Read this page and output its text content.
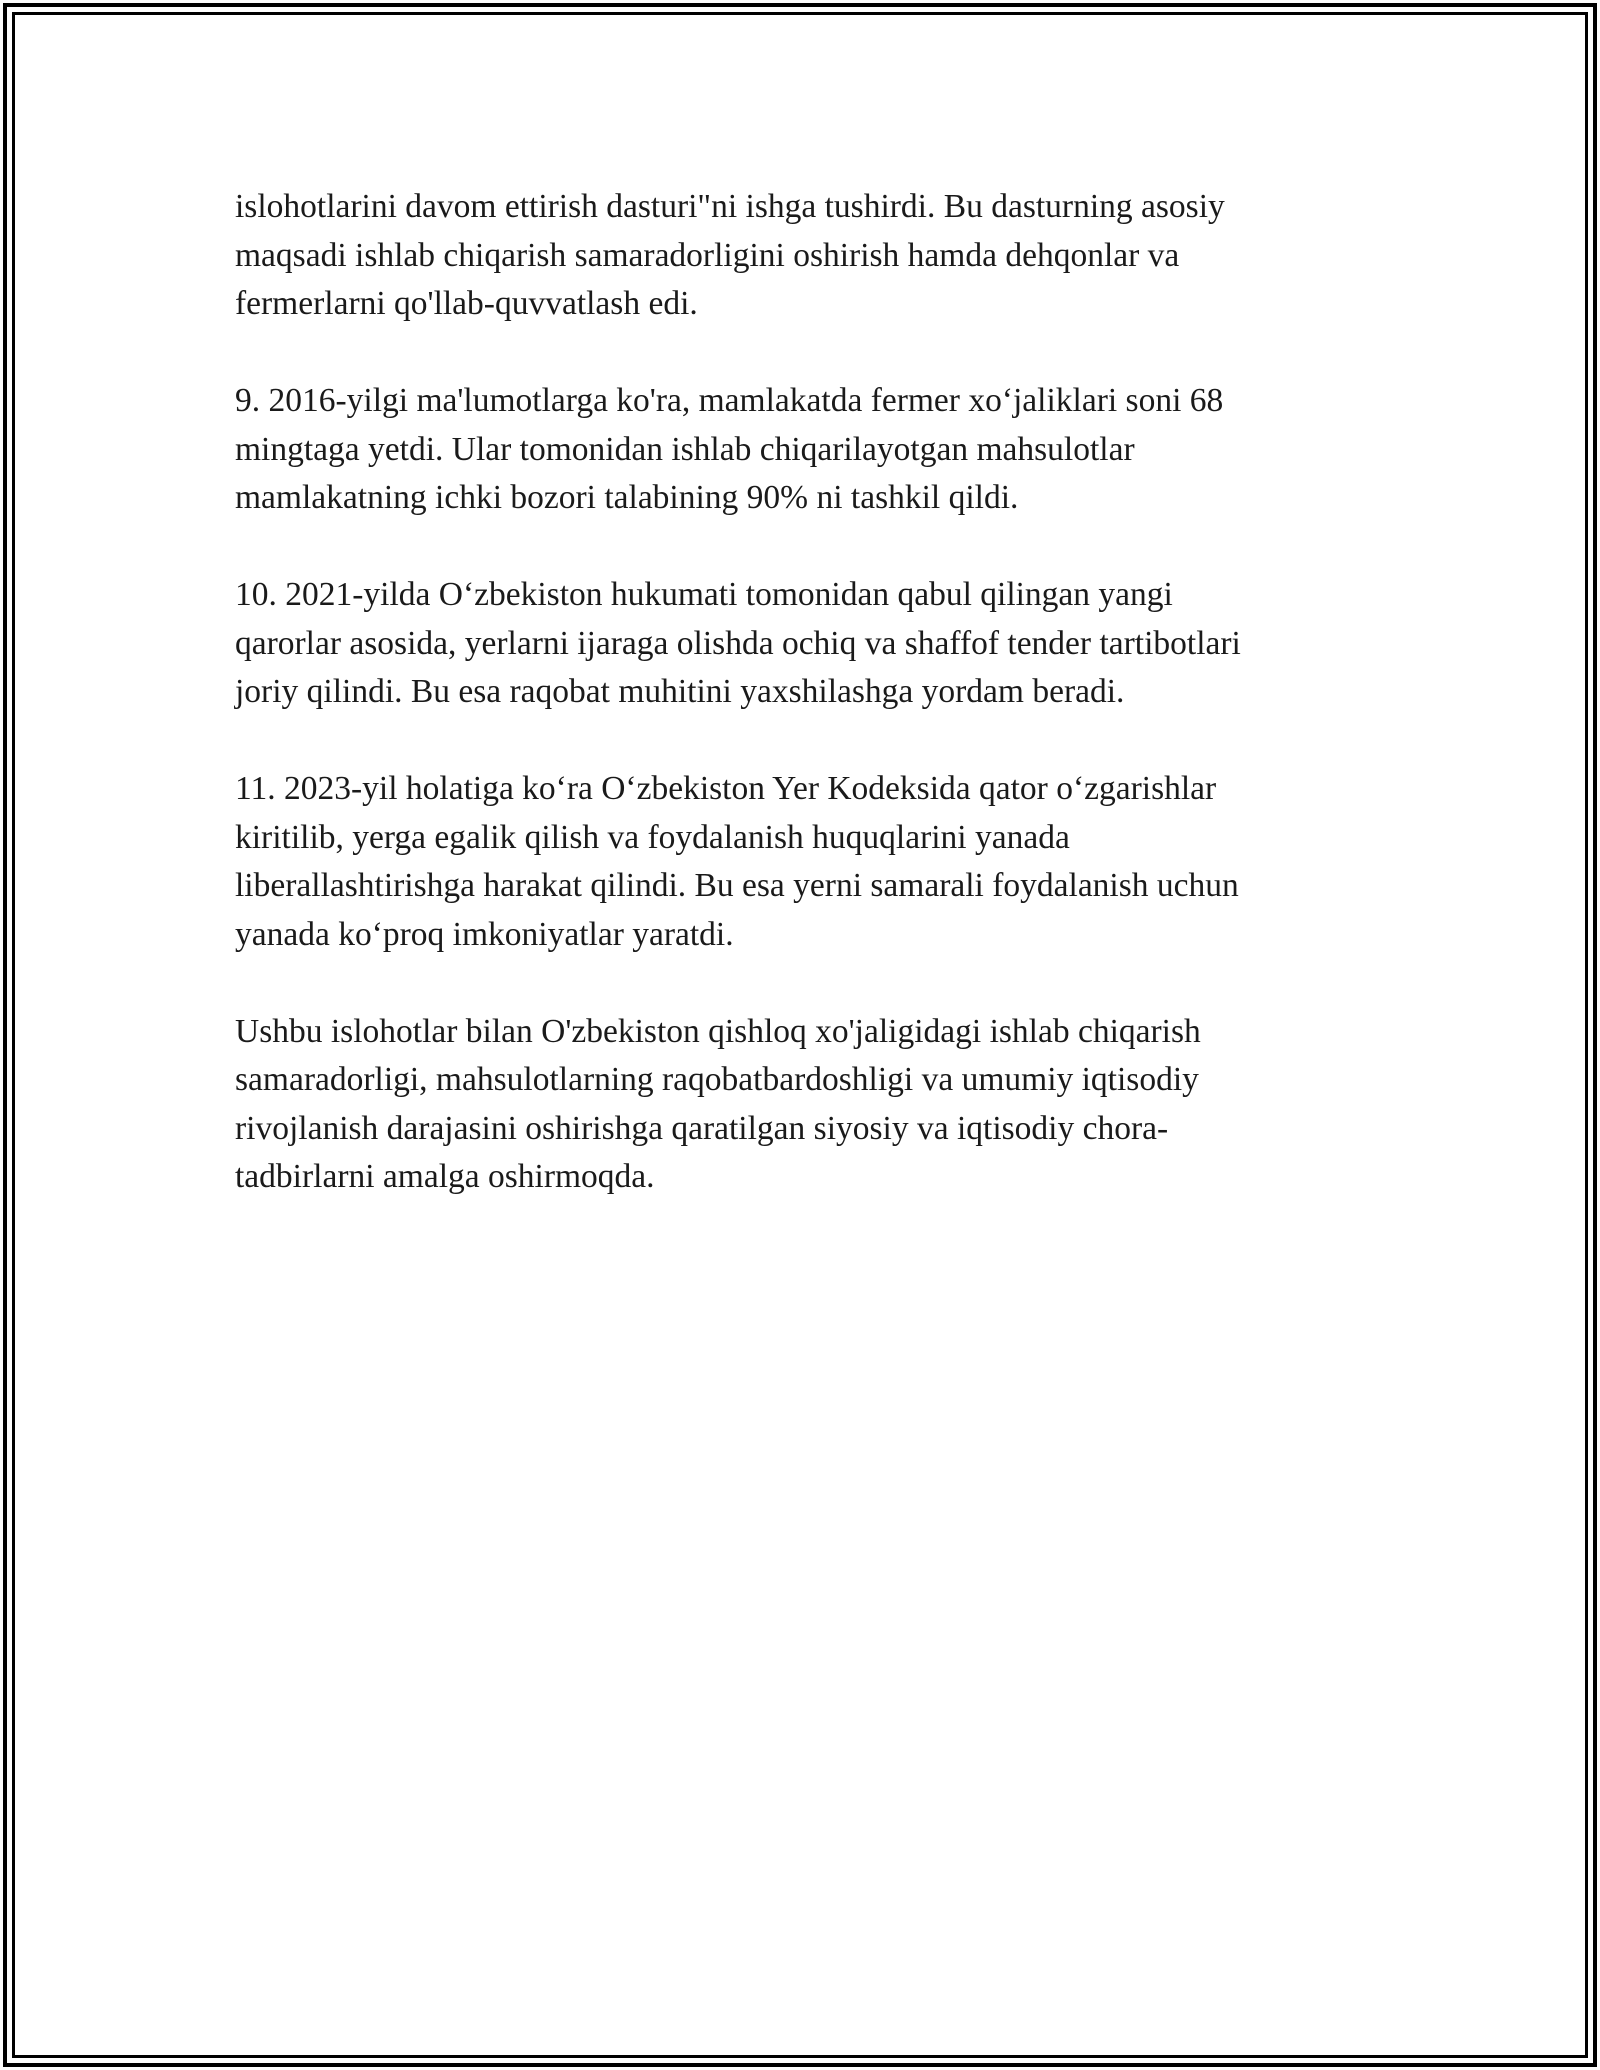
islohotlarini davom ettirish dasturi"ni ishga tushirdi. Bu dasturning asosiy
maqsadi ishlab chiqarish samaradorligini oshirish hamda dehqonlar va
fermerlarni qo'llab-quvvatlash edi.

9. 2016-yilgi ma'lumotlarga ko'ra, mamlakatda fermer xoʻjaliklari soni 68
mingtaga yetdi. Ular tomonidan ishlab chiqarilayotgan mahsulotlar
mamlakatning ichki bozori talabining 90% ni tashkil qildi.

10. 2021-yilda Oʻzbekiston hukumati tomonidan qabul qilingan yangi
qarorlar asosida, yerlarni ijaraga olishda ochiq va shaffof tender tartibotlari
joriy qilindi. Bu esa raqobat muhitini yaxshilashga yordam beradi.

11. 2023-yil holatiga koʻra Oʻzbekiston Yer Kodeksida qator oʻzgarishlar
kiritilib, yerga egalik qilish va foydalanish huquqlarini yanada
liberallashtirishga harakat qilindi. Bu esa yerni samarali foydalanish uchun
yanada koʻproq imkoniyatlar yaratdi.

Ushbu islohotlar bilan O'zbekiston qishloq xo'jaligidagi ishlab chiqarish
samaradorligi, mahsulotlarning raqobatbardoshligi va umumiy iqtisodiy
rivojlanish darajasini oshirishga qaratilgan siyosiy va iqtisodiy chora-
tadbirlarni amalga oshirmoqda.
